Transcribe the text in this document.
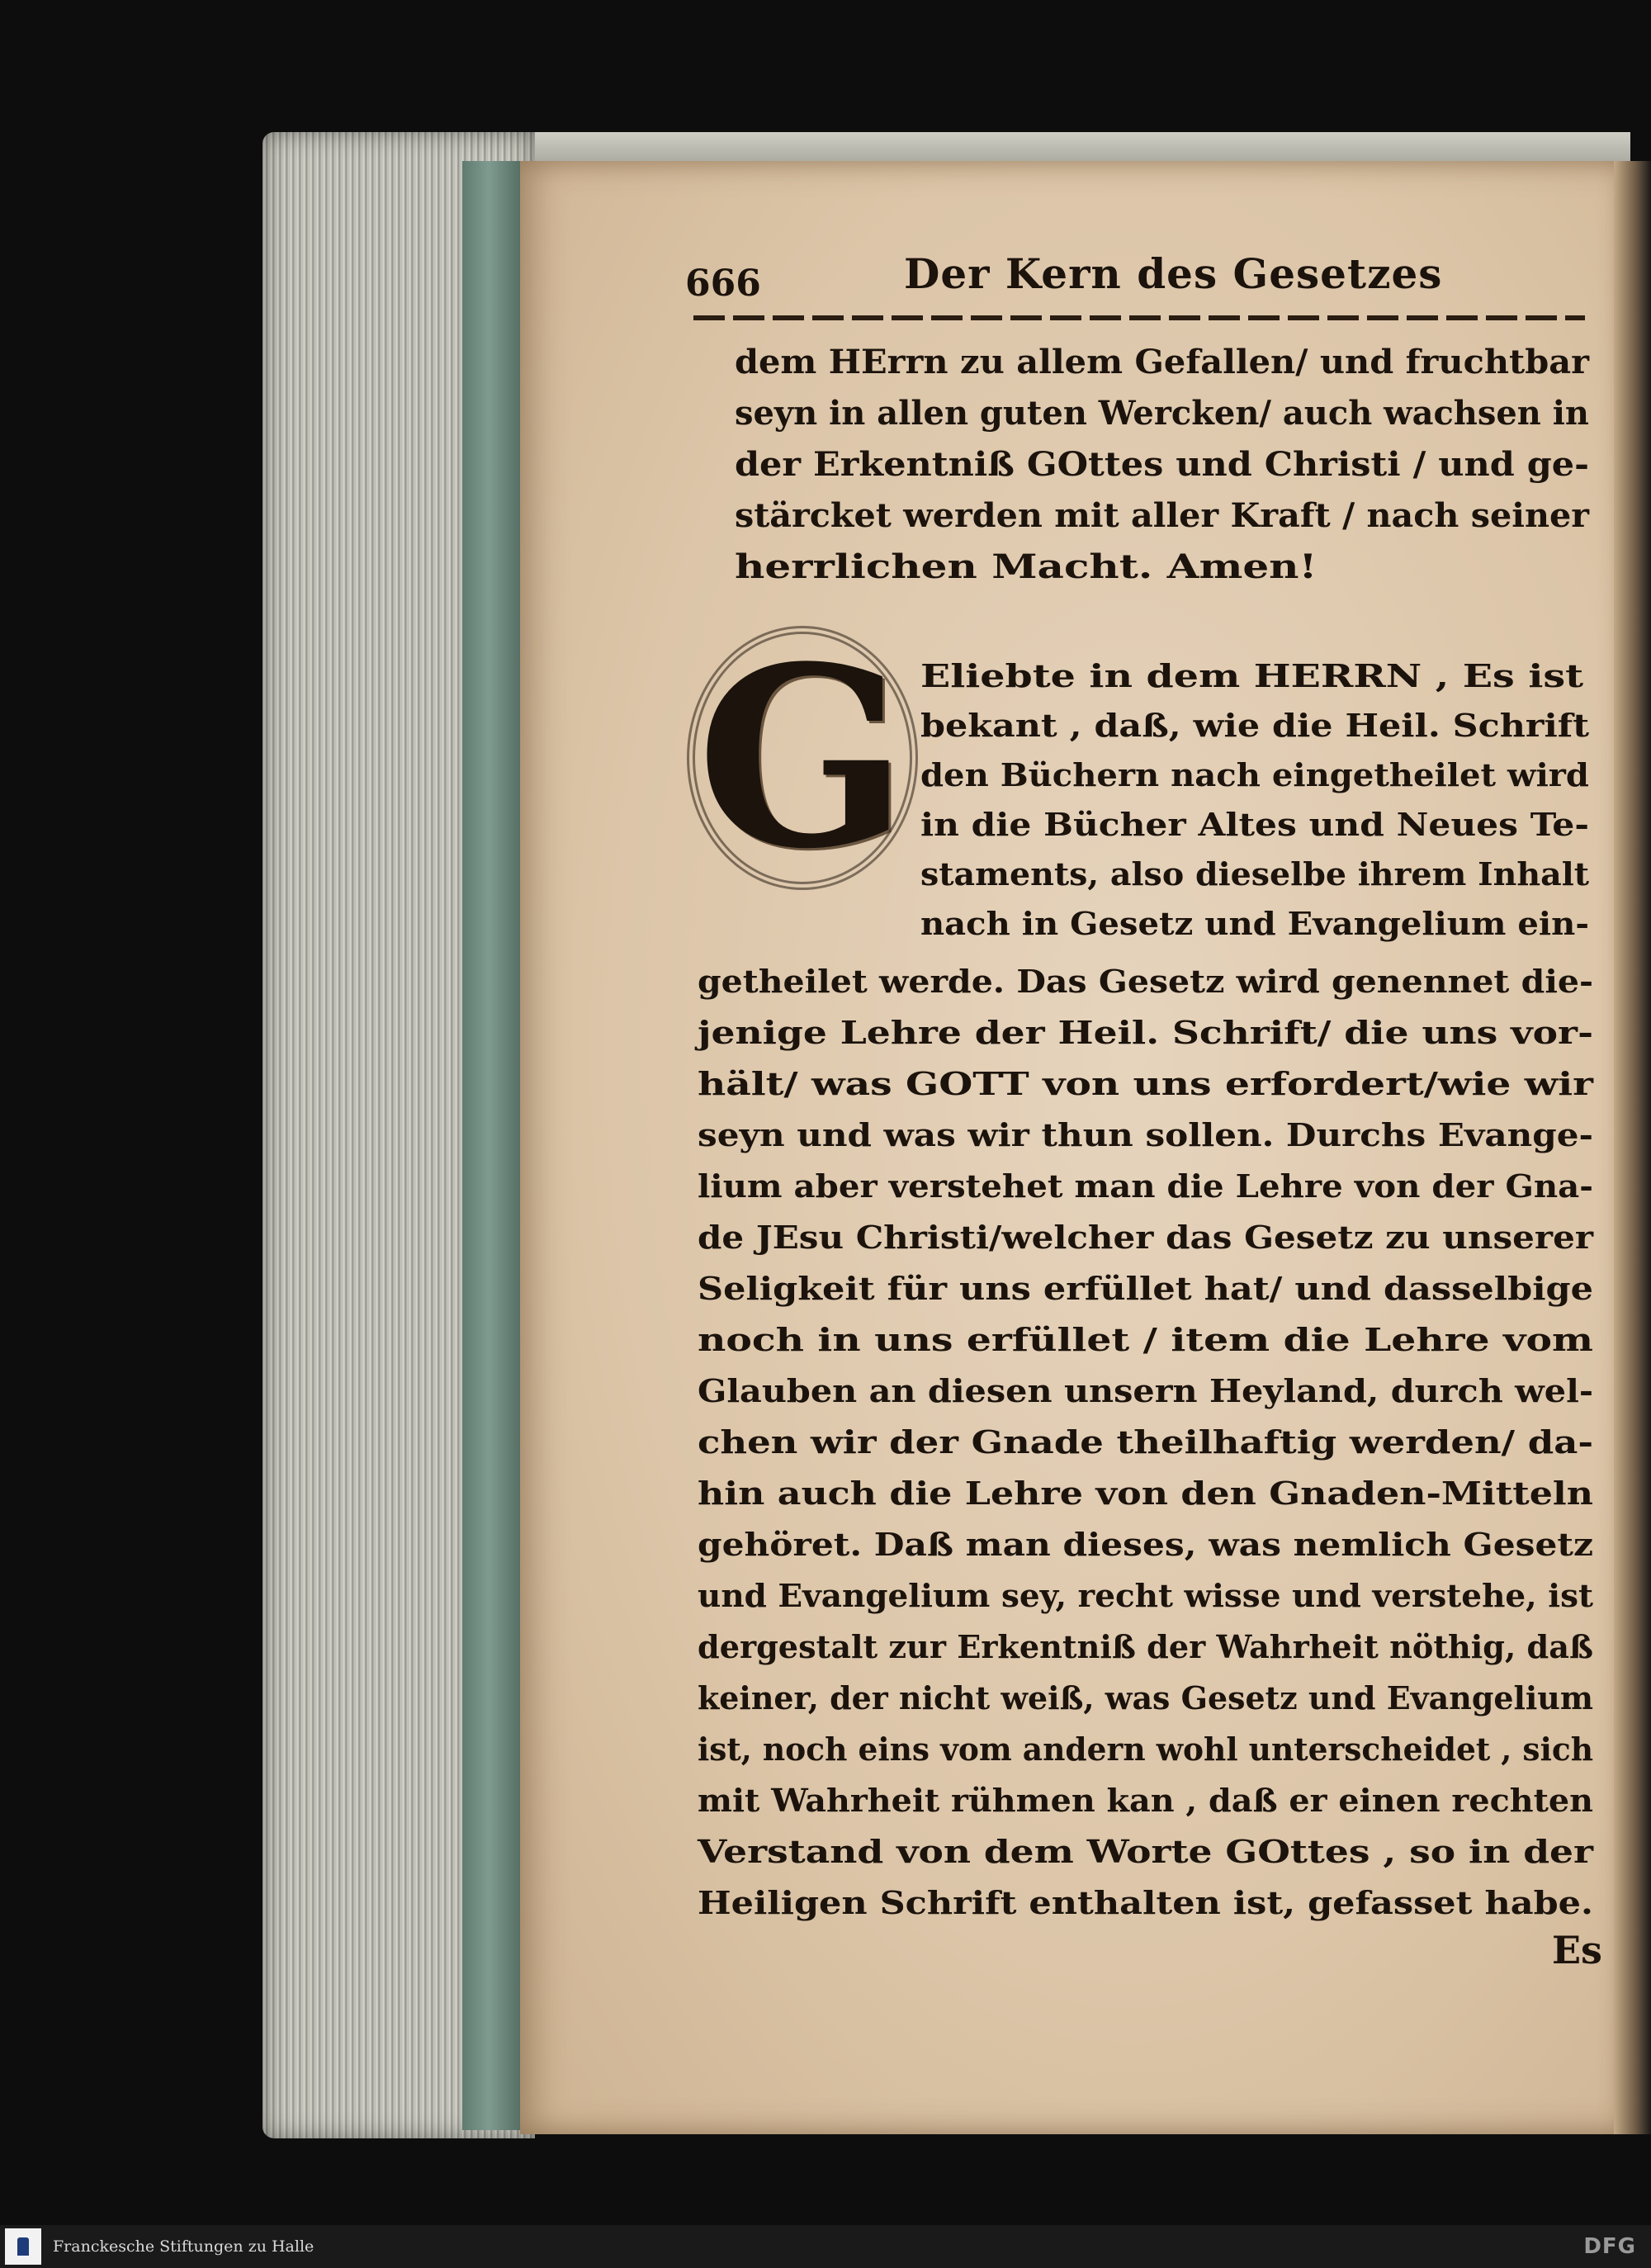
666	Der Kern des Gesetzes
dem HErrn zu allem Gefallen/ und fruchtbar
seyn in allen guten Wercken/ auch wachsen in
der Erkentniß GOttes und Christi / und ge-
stärcket werden mit aller Kraft / nach seiner
herrlichen Macht. Amen!
G Eliebte in dem HERRN , Es ist
bekant , daß, wie die Heil. Schrift
den Büchern nach eingetheilet wird
in die Bücher Altes und Neues Te-
staments, also dieselbe ihrem Inhalt
nach in Gesetz und Evangelium ein-
getheilet werde. Das Gesetz wird genennet die-
jenige Lehre der Heil. Schrift/ die uns vor-
hält/ was GOTT von uns erfordert/wie wir
seyn und was wir thun sollen. Durchs Evange-
lium aber verstehet man die Lehre von der Gna-
de JEsu Christi/welcher das Gesetz zu unserer
Seligkeit für uns erfüllet hat/ und dasselbige
noch in uns erfüllet / item die Lehre vom
Glauben an diesen unsern Heyland, durch wel-
chen wir der Gnade theilhaftig werden/ da-
hin auch die Lehre von den Gnaden-Mitteln
gehöret. Daß man dieses, was nemlich Gesetz
und Evangelium sey, recht wisse und verstehe, ist
dergestalt zur Erkentniß der Wahrheit nöthig, daß
keiner, der nicht weiß, was Gesetz und Evangelium
ist, noch eins vom andern wohl unterscheidet , sich
mit Wahrheit rühmen kan , daß er einen rechten
Verstand von dem Worte GOttes , so in der
Heiligen Schrift enthalten ist, gefasset habe.
Es
Franckesche Stiftungen zu Halle	DFG
